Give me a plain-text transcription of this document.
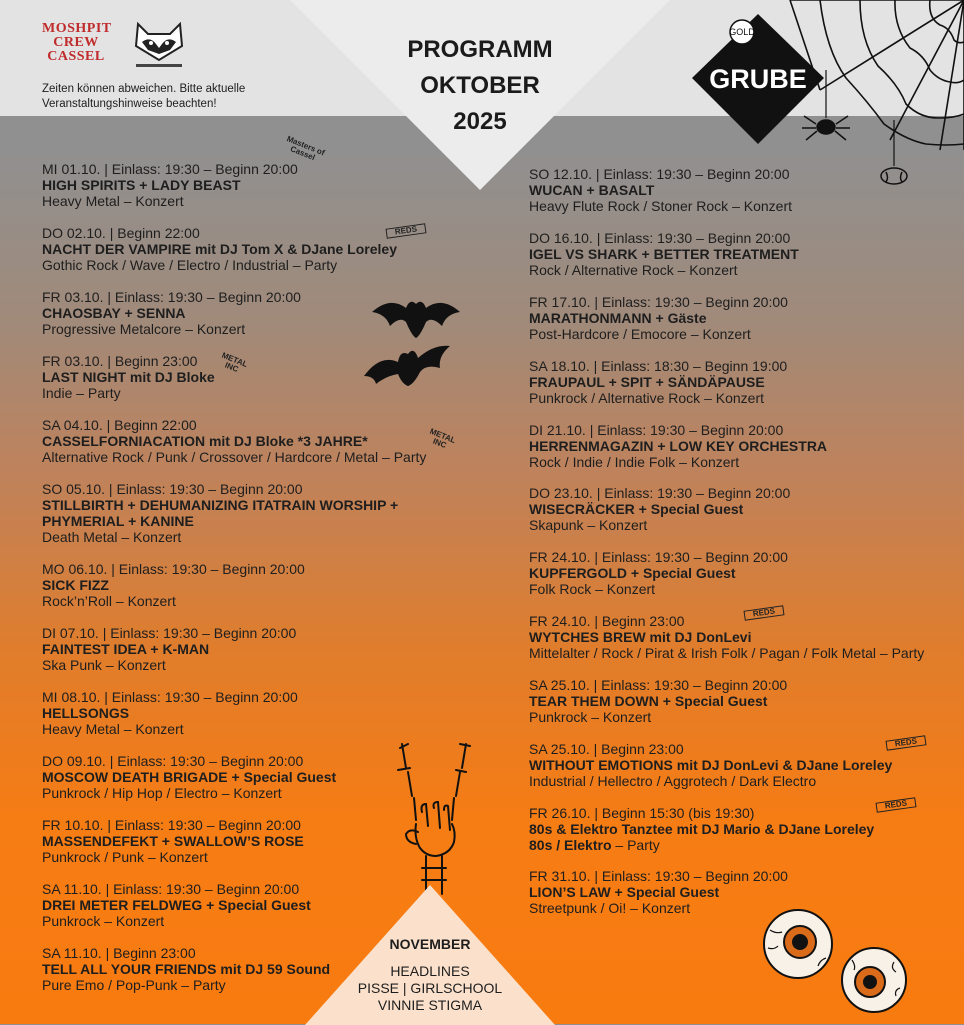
MOSHPIT
CREW
CASSEL
Zeiten können abweichen. Bitte aktuelle Veranstaltungshinweise beachten!
PROGRAMM
OKTOBER
2025
GOLD
GRUBE
Masters of Cassel
REDS
METAL INC
METAL INC
REDS
REDS
REDS
MI 01.10. | Einlass: 19:30 – Beginn 20:00
HIGH SPIRITS + LADY BEAST
Heavy Metal – Konzert
DO 02.10. | Beginn 22:00
NACHT DER VAMPIRE mit DJ Tom X & DJane Loreley
Gothic Rock / Wave / Electro / Industrial – Party
FR 03.10. | Einlass: 19:30 – Beginn 20:00
CHAOSBAY + SENNA
Progressive Metalcore – Konzert
FR 03.10. | Beginn 23:00
LAST NIGHT mit DJ Bloke
Indie – Party
SA 04.10. | Beginn 22:00
CASSELFORNIACATION mit DJ Bloke *3 JAHRE*
Alternative Rock / Punk / Crossover / Hardcore / Metal – Party
SO 05.10. | Einlass: 19:30 – Beginn 20:00
STILLBIRTH + DEHUMANIZING ITATRAIN WORSHIP +
PHYMERIAL + KANINE
Death Metal – Konzert
MO 06.10. | Einlass: 19:30 – Beginn 20:00
SICK FIZZ
Rock’n’Roll – Konzert
DI 07.10. | Einlass: 19:30 – Beginn 20:00
FAINTEST IDEA + K-MAN
Ska Punk – Konzert
MI 08.10. | Einlass: 19:30 – Beginn 20:00
HELLSONGS
Heavy Metal – Konzert
DO 09.10. | Einlass: 19:30 – Beginn 20:00
MOSCOW DEATH BRIGADE + Special Guest
Punkrock / Hip Hop / Electro – Konzert
FR 10.10. | Einlass: 19:30 – Beginn 20:00
MASSENDEFEKT + SWALLOW’S ROSE
Punkrock / Punk – Konzert
SA 11.10. | Einlass: 19:30 – Beginn 20:00
DREI METER FELDWEG + Special Guest
Punkrock – Konzert
SA 11.10. | Beginn 23:00
TELL ALL YOUR FRIENDS mit DJ 59 Sound
Pure Emo / Pop-Punk – Party
SO 12.10. | Einlass: 19:30 – Beginn 20:00
WUCAN + BASALT
Heavy Flute Rock / Stoner Rock – Konzert
DO 16.10. | Einlass: 19:30 – Beginn 20:00
IGEL VS SHARK + BETTER TREATMENT
Rock / Alternative Rock – Konzert
FR 17.10. | Einlass: 19:30 – Beginn 20:00
MARATHONMANN + Gäste
Post-Hardcore / Emocore – Konzert
SA 18.10. | Einlass: 18:30 – Beginn 19:00
FRAUPAUL + SPIT + SÄNDÄPAUSE
Punkrock / Alternative Rock – Konzert
DI 21.10. | Einlass: 19:30 – Beginn 20:00
HERRENMAGAZIN + LOW KEY ORCHESTRA
Rock / Indie / Indie Folk – Konzert
DO 23.10. | Einlass: 19:30 – Beginn 20:00
WISECRÄCKER + Special Guest
Skapunk – Konzert
FR 24.10. | Einlass: 19:30 – Beginn 20:00
KUPFERGOLD + Special Guest
Folk Rock – Konzert
FR 24.10. | Beginn 23:00
WYTCHES BREW mit DJ DonLevi
Mittelalter / Rock / Pirat & Irish Folk / Pagan / Folk Metal – Party
SA 25.10. | Einlass: 19:30 – Beginn 20:00
TEAR THEM DOWN + Special Guest
Punkrock – Konzert
SA 25.10. | Beginn 23:00
WITHOUT EMOTIONS mit DJ DonLevi & DJane Loreley
Industrial / Hellectro / Aggrotech / Dark Electro
FR 26.10. | Beginn 15:30 (bis 19:30)
80s & Elektro Tanztee mit DJ Mario & DJane Loreley
80s / Elektro – Party
FR 31.10. | Einlass: 19:30 – Beginn 20:00
LION’S LAW + Special Guest
Streetpunk / Oi! – Konzert
NOVEMBER
HEADLINES
PISSE | GIRLSCHOOL
VINNIE STIGMA
